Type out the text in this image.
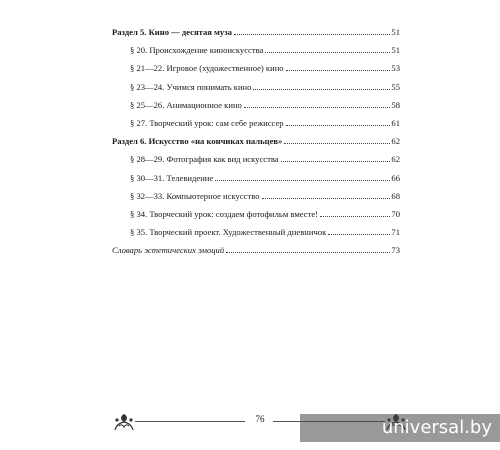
Раздел 5. Кино — десятая муза	51
§ 20. Происхождение киноискусства	51
§ 21—22. Игровое (художественное) кино	53
§ 23—24. Учимся понимать кино	55
§ 25—26. Анимационное кино	58
§ 27. Творческий урок: сам себе режиссер	61
Раздел 6. Искусство «на кончиках пальцев»	62
§ 28—29. Фотография как вид искусства	62
§ 30—31. Телевидение	66
§ 32—33. Компьютерное искусство	68
§ 34. Творческий урок: создаем фотофильм вместе!	70
§ 35. Творческий проект. Художественный дневничок	71
Словарь эстетических эмоций	73
76	universal.by
